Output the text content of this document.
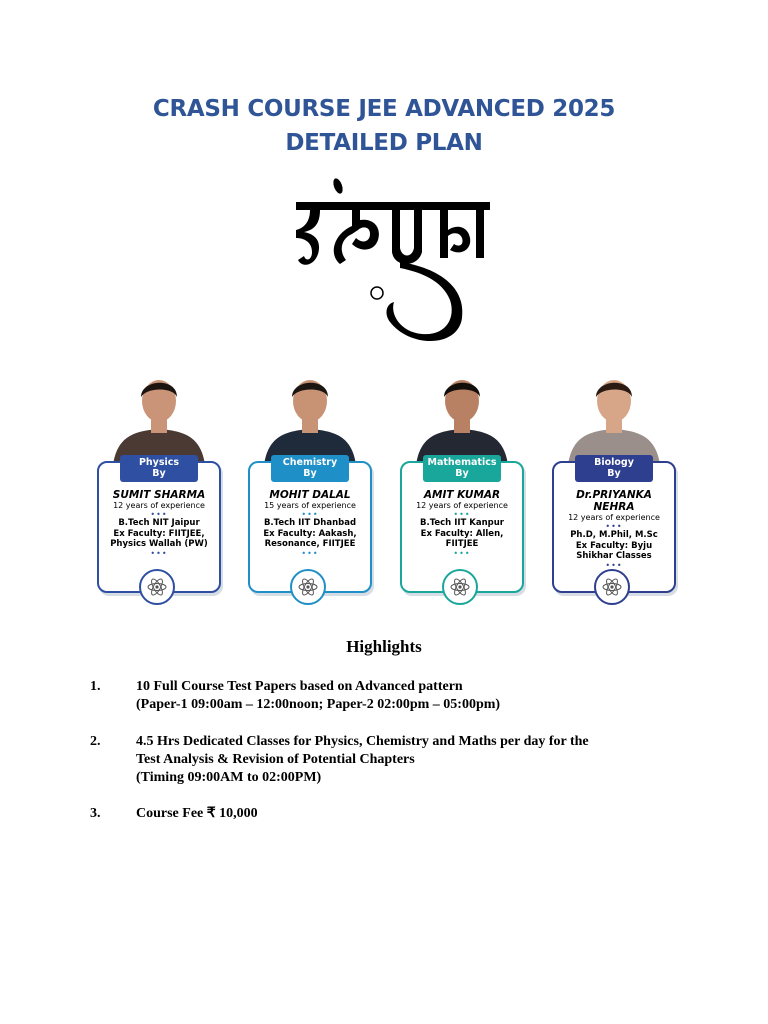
CRASH COURSE JEE ADVANCED 2025
DETAILED PLAN
Physics
By
SUMIT SHARMA
12 years of experience
•••
B.Tech NIT Jaipur
Ex Faculty: FIITJEE,
Physics Wallah (PW)
•••
Chemistry
By
MOHIT DALAL
15 years of experience
•••
B.Tech IIT Dhanbad
Ex Faculty: Aakash,
Resonance, FIITJEE
•••
Mathematics
By
AMIT KUMAR
12 years of experience
•••
B.Tech IIT Kanpur
Ex Faculty: Allen,
FIITJEE
•••
Biology
By
Dr.PRIYANKA NEHRA
12 years of experience
•••
Ph.D, M.Phil, M.Sc
Ex Faculty: Byju
Shikhar Classes
•••
Highlights
1.	10 Full Course Test Papers based on Advanced pattern
(Paper-1 09:00am – 12:00noon; Paper-2 02:00pm – 05:00pm)
2.	4.5 Hrs Dedicated Classes for Physics, Chemistry and Maths per day for the
Test Analysis & Revision of Potential Chapters
(Timing 09:00AM to 02:00PM)
3.	Course Fee ₹ 10,000
